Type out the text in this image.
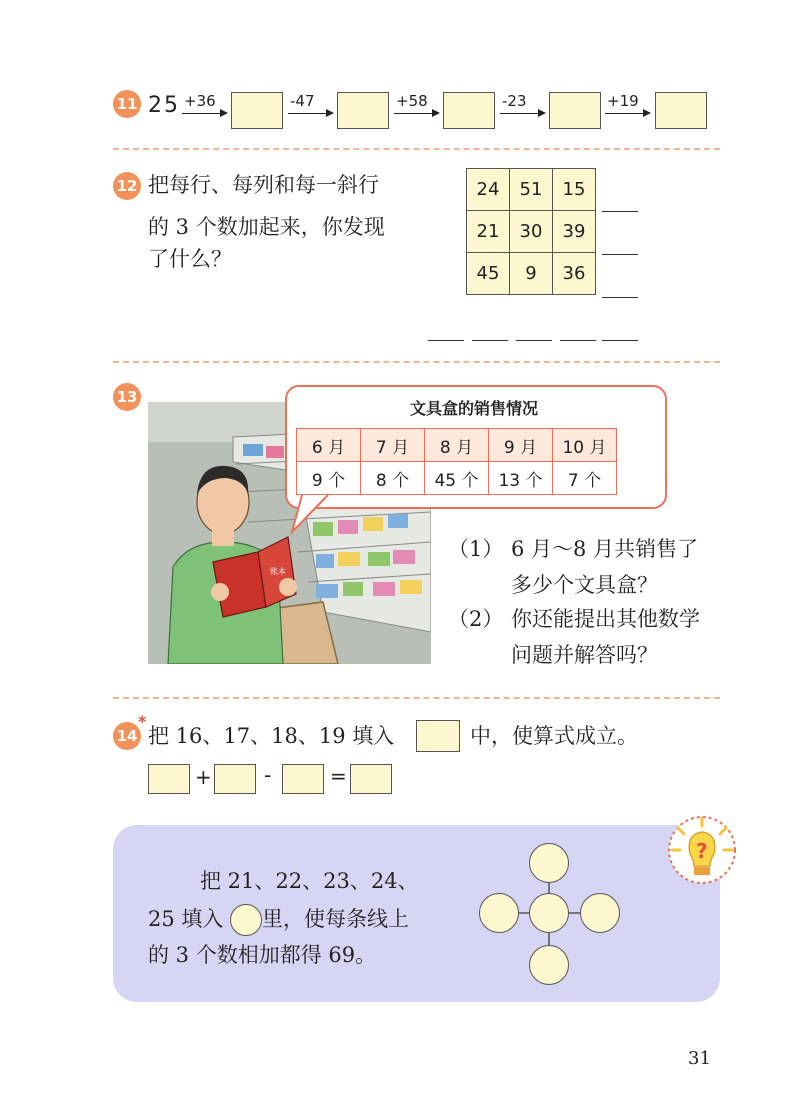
11 25 +36	-47	+58	-23	+19
12 把每行、每列和每一斜行
的 3 个数加起来，你发现
了什么？
24	51	15
21	30	39
45	9	36
13
账本
文具盒的销售情况
6 月	7 月	8 月	9 月	10 月
9 个	8 个	45 个	13 个	7 个
（1） 6 月～8 月共销售了
多少个文具盒？
（2） 你还能提出其他数学
问题并解答吗？
14
*
把 16、17、18、19 填入	中，使算式成立。
+	-	=
?
把 21、22、23、24、
25 填入 里，使每条线上
的 3 个数相加都得 69。
31
